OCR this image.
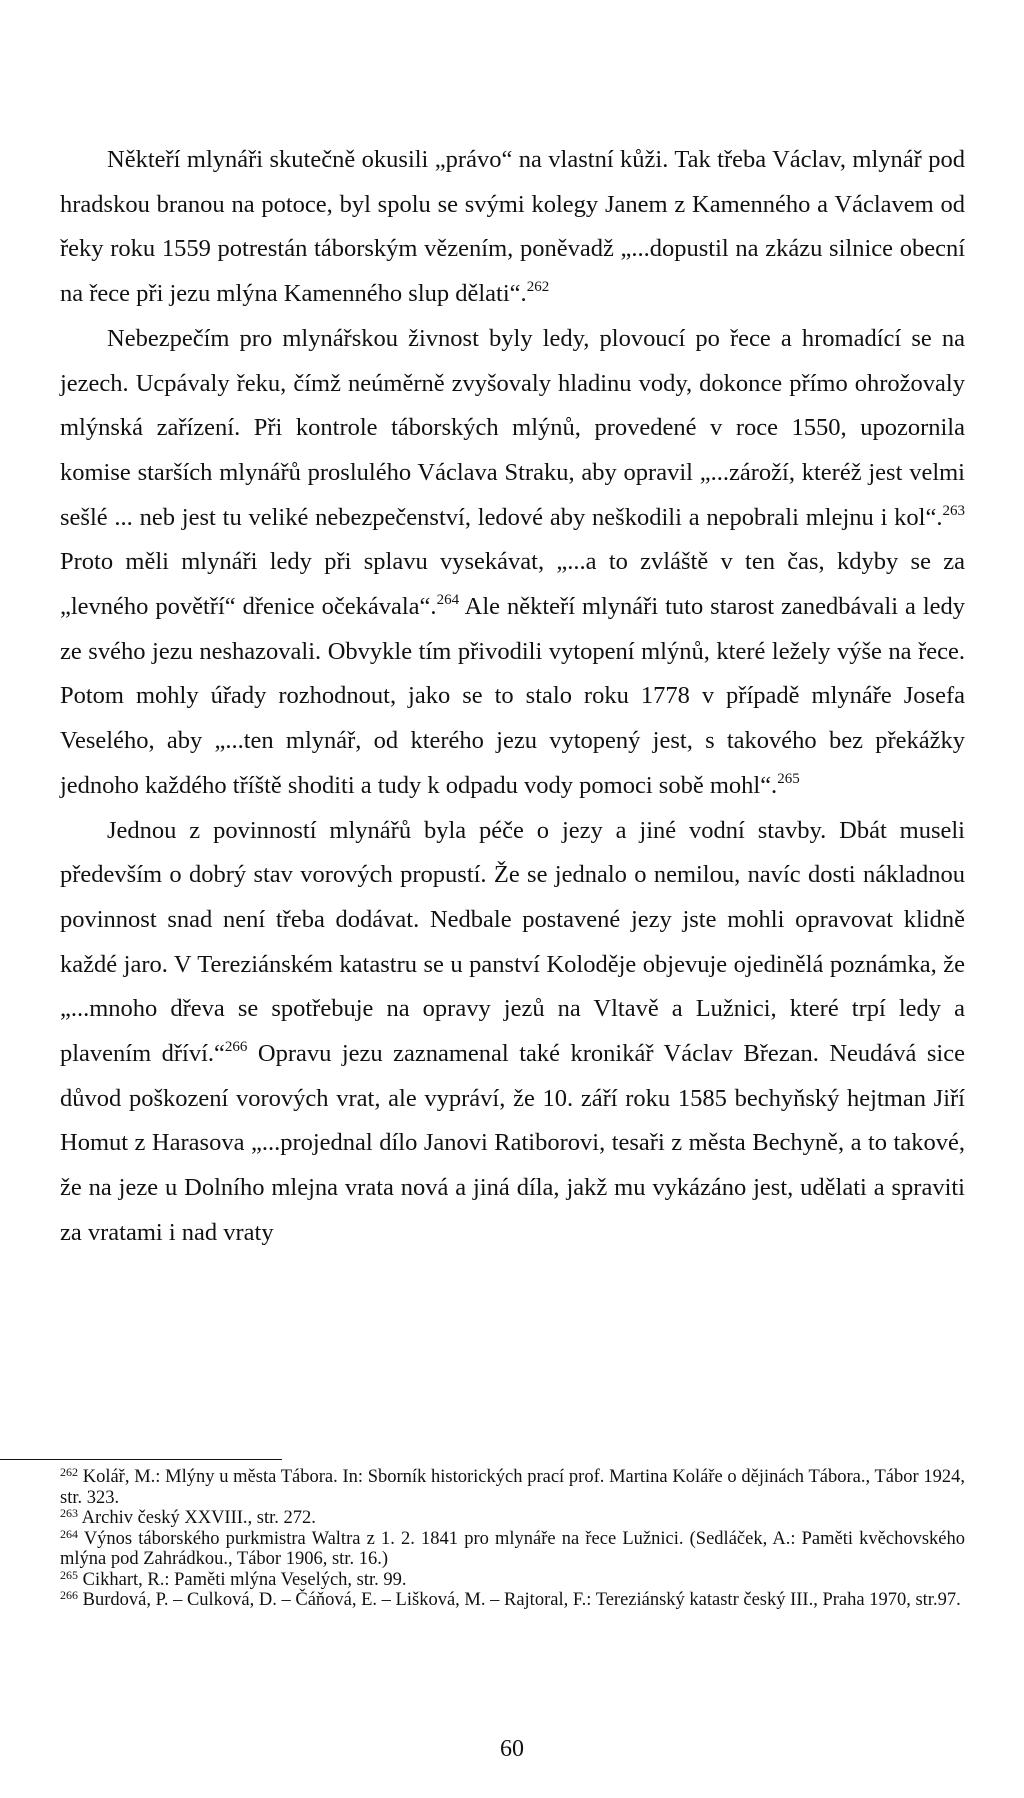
Někteří mlynáři skutečně okusili „právo“ na vlastní kůži. Tak třeba Václav, mlynář pod hradskou branou na potoce, byl spolu se svými kolegy Janem z Kamenného a Václavem od řeky roku 1559 potrestán táborským vězením, poněvadž „...dopustil na zkázu silnice obecní na řece při jezu mlýna Kamenného slup dělati“.$^{262}$

Nebezpečím pro mlynářskou živnost byly ledy, plovoucí po řece a hromadící se na jezech. Ucpávaly řeku, čímž neúměrně zvyšovaly hladinu vody, dokonce přímo ohrožovaly mlýnská zařízení. Při kontrole táborských mlýnů, provedené v roce 1550, upozornila komise starších mlynářů proslulého Václava Straku, aby opravil „...zároží, kteréž jest velmi sešlé ... neb jest tu veliké nebezpečenství, ledové aby neškodili a nepobrali mlejnu i kol“.$^{263}$ Proto měli mlynáři ledy při splavu vysekávat, „...a to zvláště v ten čas, kdyby se za „levného povětří“ dřenice očekávala“.$^{264}$ Ale někteří mlynáři tuto starost zanedbávali a ledy ze svého jezu neshazovali. Obvykle tím přivodili vytopení mlýnů, které ležely výše na řece. Potom mohly úřady rozhodnout, jako se to stalo roku 1778 v případě mlynáře Josefa Veselého, aby „...ten mlynář, od kterého jezu vytopený jest, s takového bez překážky jednoho každého tříště shoditi a tudy k odpadu vody pomoci sobě mohl“.$^{265}$

Jednou z povinností mlynářů byla péče o jezy a jiné vodní stavby. Dbát museli především o dobrý stav vorových propustí. Že se jednalo o nemilou, navíc dosti nákladnou povinnost snad není třeba dodávat. Nedbale postavené jezy jste mohli opravovat klidně každé jaro. V Tereziánském katastru se u panství Koloděje objevuje ojedinělá poznámka, že „...mnoho dřeva se spotřebuje na opravy jezů na Vltavě a Lužnici, které trpí ledy a plavením dříví.“$^{266}$ Opravu jezu zaznamenal také kronikář Václav Březan. Neudává sice důvod poškození vorových vrat, ale vypráví, že 10. září roku 1585 bechyňský hejtman Jiří Homut z Harasova „...projednal dílo Janovi Ratiborovi, tesaři z města Bechyně, a to takové, že na jeze u Dolního mlejna vrata nová a jiná díla, jakž mu vykázáno jest, udělati a spraviti za vratami i nad vraty

$^{262}$ Kolář, M.: Mlýny u města Tábora. In: Sborník historických prací prof. Martina Koláře o dějinách Tábora., Tábor 1924, str. 323.

$^{263}$ Archiv český XXVIII., str. 272.

$^{264}$ Výnos táborského purkmistra Waltra z 1. 2. 1841 pro mlynáře na řece Lužnici. (Sedláček, A.: Paměti kvěchovského mlýna pod Zahrádkou., Tábor 1906, str. 16.)

$^{265}$ Cikhart, R.: Paměti mlýna Veselých, str. 99.

$^{266}$ Burdová, P. – Culková, D. – Čáňová, E. – Lišková, M. – Rajtoral, F.: Tereziánský katastr český III., Praha 1970, str.97.

60
